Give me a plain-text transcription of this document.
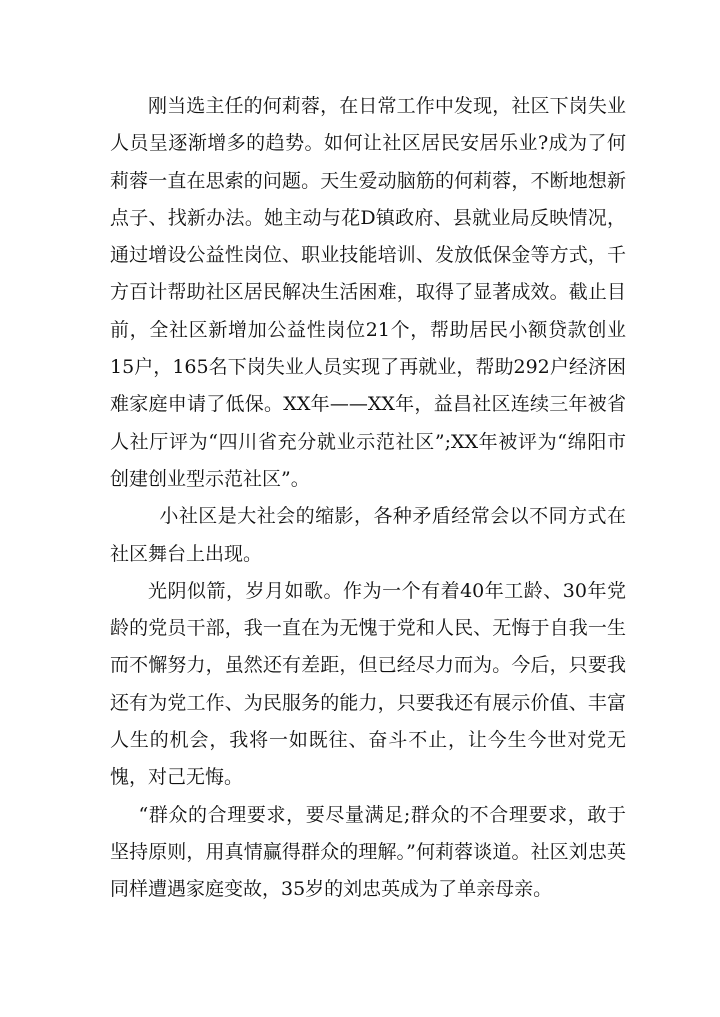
刚当选主任的何莉蓉，在日常工作中发现，社区下岗失业人员呈逐渐增多的趋势。如何让社区居民安居乐业?成为了何莉蓉一直在思索的问题。天生爱动脑筋的何莉蓉，不断地想新点子、找新办法。她主动与花D镇政府、县就业局反映情况，通过增设公益性岗位、职业技能培训、发放低保金等方式，千方百计帮助社区居民解决生活困难，取得了显著成效。截止目前，全社区新增加公益性岗位21个，帮助居民小额贷款创业15户，165名下岗失业人员实现了再就业，帮助292户经济困难家庭申请了低保。XX年——XX年，益昌社区连续三年被省人社厅评为“四川省充分就业示范社区”;XX年被评为“绵阳市创建创业型示范社区”。

小社区是大社会的缩影，各种矛盾经常会以不同方式在社区舞台上出现。

光阴似箭，岁月如歌。作为一个有着40年工龄、30年党龄的党员干部，我一直在为无愧于党和人民、无悔于自我一生而不懈努力，虽然还有差距，但已经尽力而为。今后，只要我还有为党工作、为民服务的能力，只要我还有展示价值、丰富人生的机会，我将一如既往、奋斗不止，让今生今世对党无愧，对己无悔。

“群众的合理要求，要尽量满足;群众的不合理要求，敢于坚持原则，用真情赢得群众的理解。”何莉蓉谈道。社区刘忠英同样遭遇家庭变故，35岁的刘忠英成为了单亲母亲。
